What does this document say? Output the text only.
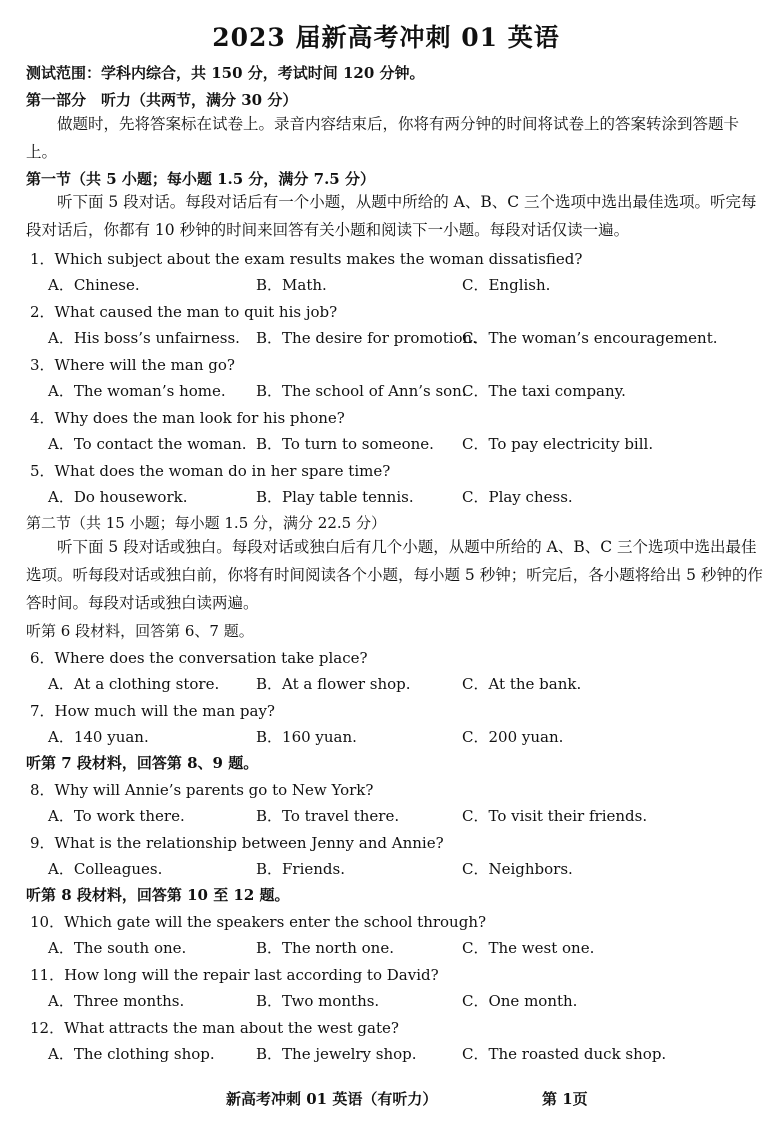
2023 届新高考冲刺 01 英语
测试范围：学科内综合，共 150 分，考试时间 120 分钟。
第一部分　听力（共两节，满分 30 分）
做题时，先将答案标在试卷上。录音内容结束后，你将有两分钟的时间将试卷上的答案转涂到答题卡上。
第一节（共 5 小题；每小题 1.5 分，满分 7.5 分）
听下面 5 段对话。每段对话后有一个小题，从题中所给的 A、B、C 三个选项中选出最佳选项。听完每段对话后，你都有 10 秒钟的时间来回答有关小题和阅读下一小题。每段对话仅读一遍。
1．Which subject about the exam results makes the woman dissatisfied?
A．Chinese.	B．Math.	C．English.
2．What caused the man to quit his job?
A．His boss’s unfairness. B．The desire for promotion.
C．The woman’s encouragement.
3．Where will the man go?
A．The woman’s home. B．The school of Ann’s son.
C．The taxi company.
4．Why does the man look for his phone?
A．To contact the woman. B．To turn to someone. C．To pay electricity bill.
5．What does the woman do in her spare time?
A．Do housework.	B．Play table tennis.	C．Play chess.
第二节（共 15 小题；每小题 1.5 分，满分 22.5 分）
听下面 5 段对话或独白。每段对话或独白后有几个小题，从题中所给的 A、B、C 三个选项中选出最佳选项。听每段对话或独白前，你将有时间阅读各个小题，每小题 5 秒钟；听完后，各小题将给出 5 秒钟的作答时间。每段对话或独白读两遍。
听第 6 段材料，回答第 6、7 题。
6．Where does the conversation take place?
A．At a clothing store. B．At a flower shop.	C．At the bank.
7．How much will the man pay?
A．140 yuan.	B．160 yuan.	C．200 yuan.
听第 7 段材料，回答第 8、9 题。
8．Why will Annie’s parents go to New York?
A．To work there.	B．To travel there.	C．To visit their friends.
9．What is the relationship between Jenny and Annie?
A．Colleagues.	B．Friends.	C．Neighbors.
听第 8 段材料，回答第 10 至 12 题。
10．Which gate will the speakers enter the school through?
A．The south one.	B．The north one.	C．The west one.
11．How long will the repair last according to David?
A．Three months.	B．Two months.	C．One month.
12．What attracts the man about the west gate?
A．The clothing shop.	B．The jewelry shop.	C．The roasted duck shop.
新高考冲刺 01 英语（有听力）	第 1页
